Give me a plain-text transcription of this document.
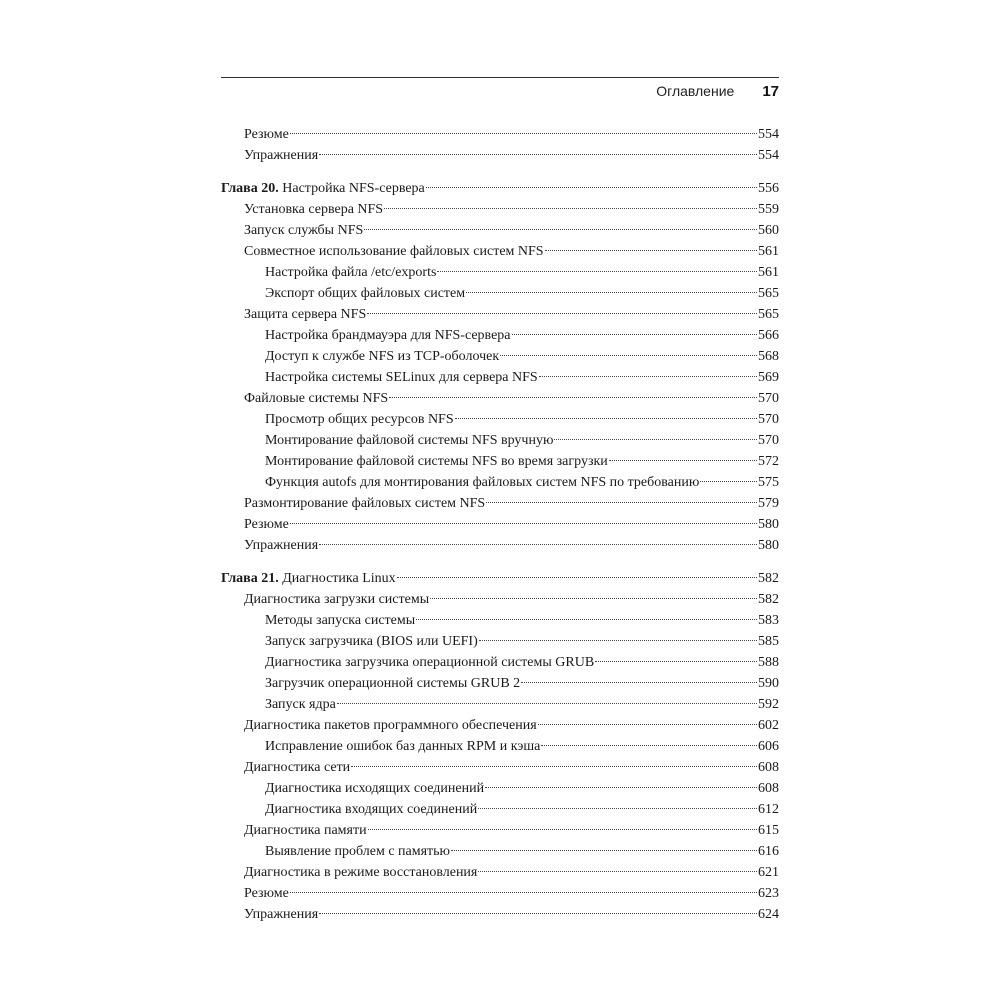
Оглавление 17
Резюме	554
Упражнения	554
Глава 20. Настройка NFS-сервера	556
Установка сервера NFS	559
Запуск службы NFS	560
Совместное использование файловых систем NFS	561
Настройка файла /etc/exports	561
Экспорт общих файловых систем	565
Защита сервера NFS	565
Настройка брандмауэра для NFS-сервера	566
Доступ к службе NFS из TCP-оболочек	568
Настройка системы SELinux для сервера NFS	569
Файловые системы NFS	570
Просмотр общих ресурсов NFS	570
Монтирование файловой системы NFS вручную	570
Монтирование файловой системы NFS во время загрузки	572
Функция autofs для монтирования файловых систем NFS по требованию	575
Размонтирование файловых систем NFS	579
Резюме	580
Упражнения	580
Глава 21. Диагностика Linux	582
Диагностика загрузки системы	582
Методы запуска системы	583
Запуск загрузчика (BIOS или UEFI)	585
Диагностика загрузчика операционной системы GRUB	588
Загрузчик операционной системы GRUB 2	590
Запуск ядра	592
Диагностика пакетов программного обеспечения	602
Исправление ошибок баз данных RPM и кэша	606
Диагностика сети	608
Диагностика исходящих соединений	608
Диагностика входящих соединений	612
Диагностика памяти	615
Выявление проблем с памятью	616
Диагностика в режиме восстановления	621
Резюме	623
Упражнения	624
